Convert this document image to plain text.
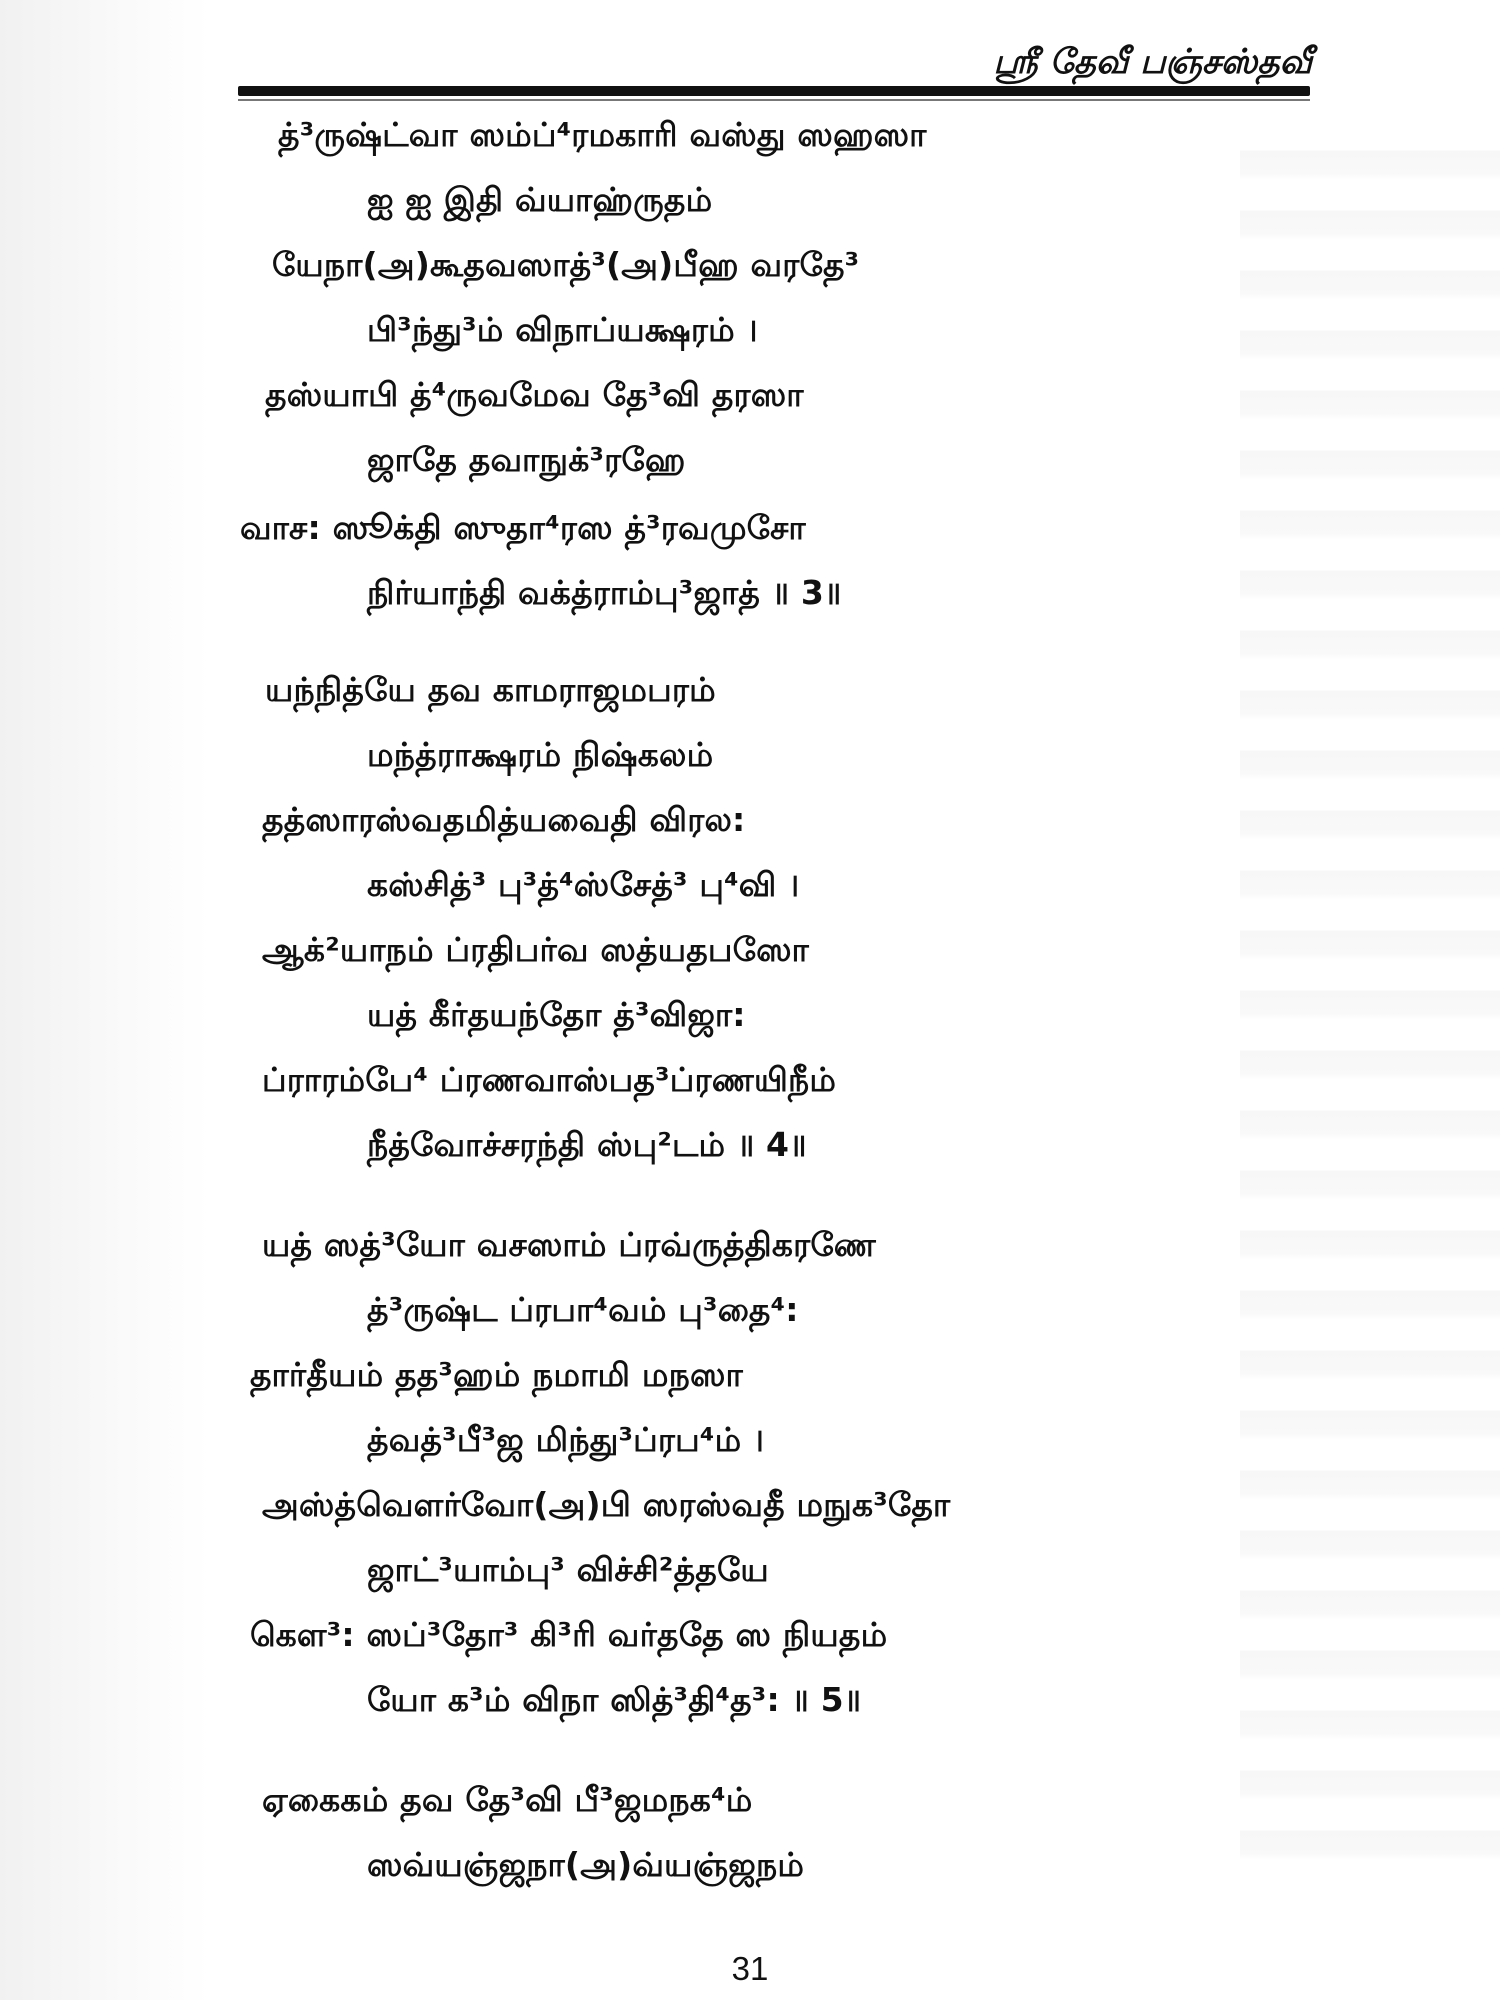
ஸ்ரீ தேவீ பஞ்சஸ்தவீ
த்³ருஷ்ட்வா ஸம்ப்⁴ரமகாரி வஸ்து ஸஹஸா
ஐ ஐ இதி வ்யாஹ்ருதம்
யேநா(அ)கூதவஸாத்³(அ)பீஹ வரதே³
பி³ந்து³ம் விநாப்யக்ஷரம் ।
தஸ்யாபி த்⁴ருவமேவ தே³வி தரஸா
ஜாதே தவாநுக்³ரஹே
வாச: ஸூக்தி ஸுதா⁴ரஸ த்³ரவமுசோ
நிர்யாந்தி வக்த்ராம்பு³ஜாத் ॥ 3॥
யந்நித்யே தவ காமராஜமபரம்
மந்த்ராக்ஷரம் நிஷ்கலம்
தத்ஸாரஸ்வதமித்யவைதி விரல:
கஸ்சித்³ பு³த்⁴ஸ்சேத்³ பு⁴வி ।
ஆக்²யாநம் ப்ரதிபர்வ ஸத்யதபஸோ
யத் கீர்தயந்தோ த்³விஜா:
ப்ராரம்பே⁴ ப்ரணவாஸ்பத³ப்ரணயிநீம்
நீத்வோச்சரந்தி ஸ்பு²டம் ॥ 4॥
யத் ஸத்³யோ வசஸாம் ப்ரவ்ருத்திகரணே
த்³ருஷ்ட ப்ரபா⁴வம் பு³தை⁴:
தார்தீயம் தத³ஹம் நமாமி மநஸா
த்வத்³பீ³ஜ மிந்து³ப்ரப⁴ம் ।
அஸ்த்வௌர்வோ(அ)பி ஸரஸ்வதீ மநுக³தோ
ஜாட்³யாம்பு³ விச்சி²த்தயே
கௌ³: ஸப்³தோ³ கி³ரி வர்ததே ஸ நியதம்
யோ க³ம் விநா ஸித்³தி⁴த³: ॥ 5॥
ஏகைகம் தவ தே³வி பீ³ஜமநக⁴ம்
ஸவ்யஞ்ஜநா(அ)வ்யஞ்ஜநம்
31
